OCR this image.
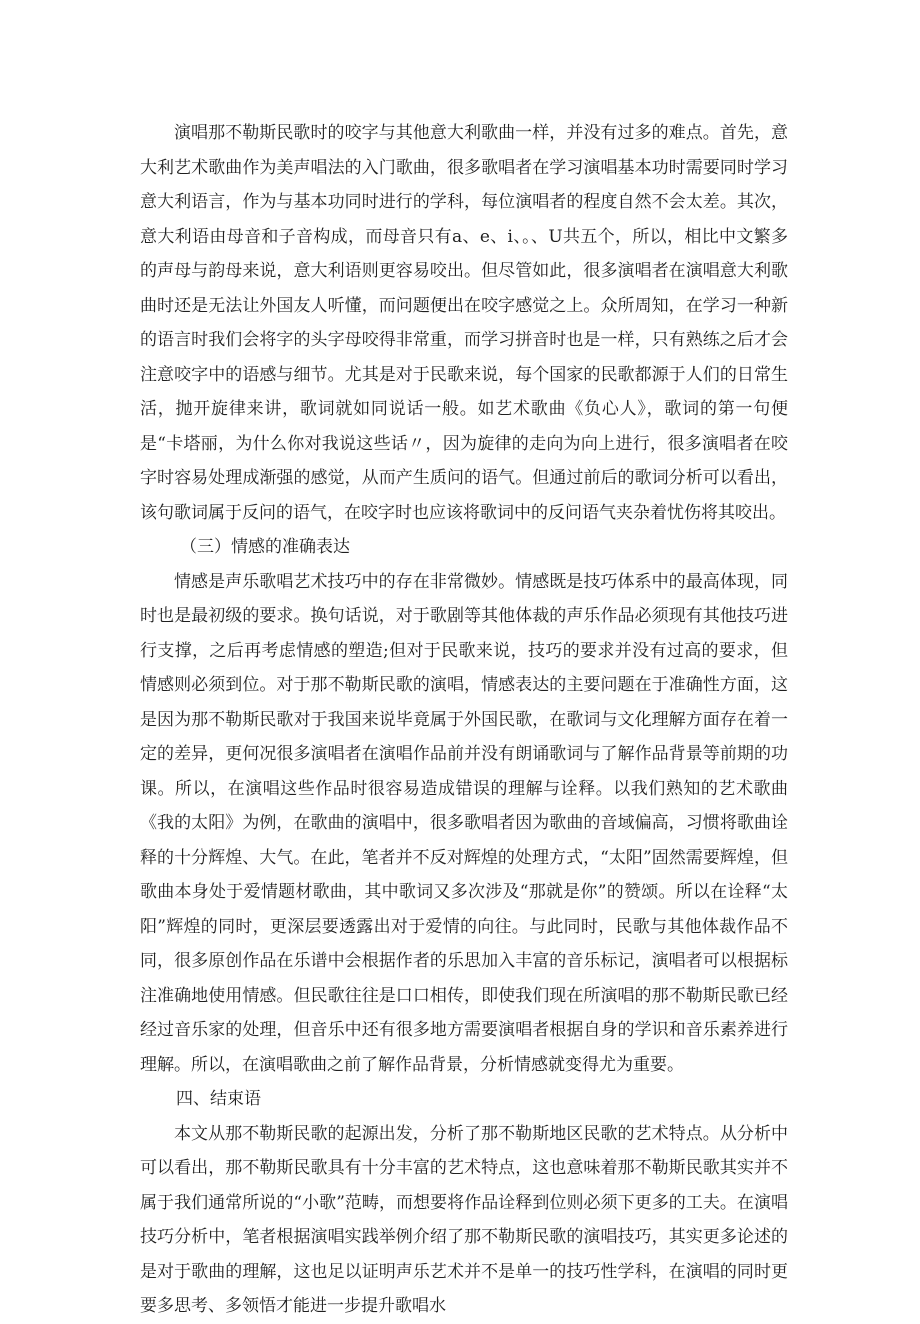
演唱那不勒斯民歌时的咬字与其他意大利歌曲一样，并没有过多的难点。首先，意大利艺术歌曲作为美声唱法的入门歌曲，很多歌唱者在学习演唱基本功时需要同时学习意大利语言，作为与基本功同时进行的学科，每位演唱者的程度自然不会太差。其次，意大利语由母音和子音构成，而母音只有a、e、i、。、U共五个，所以，相比中文繁多的声母与韵母来说，意大利语则更容易咬出。但尽管如此，很多演唱者在演唱意大利歌曲时还是无法让外国友人听懂，而问题便出在咬字感觉之上。众所周知，在学习一种新的语言时我们会将字的头字母咬得非常重，而学习拼音时也是一样，只有熟练之后才会注意咬字中的语感与细节。尤其是对于民歌来说，每个国家的民歌都源于人们的日常生活，抛开旋律来讲，歌词就如同说话一般。如艺术歌曲《负心人》，歌词的第一句便是“卡塔丽，为什么你对我说这些话〃，因为旋律的走向为向上进行，很多演唱者在咬字时容易处理成渐强的感觉，从而产生质问的语气。但通过前后的歌词分析可以看出，该句歌词属于反问的语气，在咬字时也应该将歌词中的反问语气夹杂着忧伤将其咬出。

（三）情感的准确表达

情感是声乐歌唱艺术技巧中的存在非常微妙。情感既是技巧体系中的最高体现，同时也是最初级的要求。换句话说，对于歌剧等其他体裁的声乐作品必须现有其他技巧进行支撑，之后再考虑情感的塑造;但对于民歌来说，技巧的要求并没有过高的要求，但情感则必须到位。对于那不勒斯民歌的演唱，情感表达的主要问题在于准确性方面，这是因为那不勒斯民歌对于我国来说毕竟属于外国民歌，在歌词与文化理解方面存在着一定的差异，更何况很多演唱者在演唱作品前并没有朗诵歌词与了解作品背景等前期的功课。所以，在演唱这些作品时很容易造成错误的理解与诠释。以我们熟知的艺术歌曲《我的太阳》为例，在歌曲的演唱中，很多歌唱者因为歌曲的音域偏高，习惯将歌曲诠释的十分辉煌、大气。在此，笔者并不反对辉煌的处理方式，“太阳”固然需要辉煌，但歌曲本身处于爱情题材歌曲，其中歌词又多次涉及“那就是你”的赞颂。所以在诠释“太阳”辉煌的同时，更深层要透露出对于爱情的向往。与此同时，民歌与其他体裁作品不同，很多原创作品在乐谱中会根据作者的乐思加入丰富的音乐标记，演唱者可以根据标注准确地使用情感。但民歌往往是口口相传，即使我们现在所演唱的那不勒斯民歌已经经过音乐家的处理，但音乐中还有很多地方需要演唱者根据自身的学识和音乐素养进行理解。所以，在演唱歌曲之前了解作品背景，分析情感就变得尤为重要。

四、结束语

本文从那不勒斯民歌的起源出发，分析了那不勒斯地区民歌的艺术特点。从分析中可以看出，那不勒斯民歌具有十分丰富的艺术特点，这也意味着那不勒斯民歌其实并不属于我们通常所说的“小歌”范畴，而想要将作品诠释到位则必须下更多的工夫。在演唱技巧分析中，笔者根据演唱实践举例介绍了那不勒斯民歌的演唱技巧，其实更多论述的是对于歌曲的理解，这也足以证明声乐艺术并不是单一的技巧性学科，在演唱的同时更要多思考、多领悟才能进一步提升歌唱水
